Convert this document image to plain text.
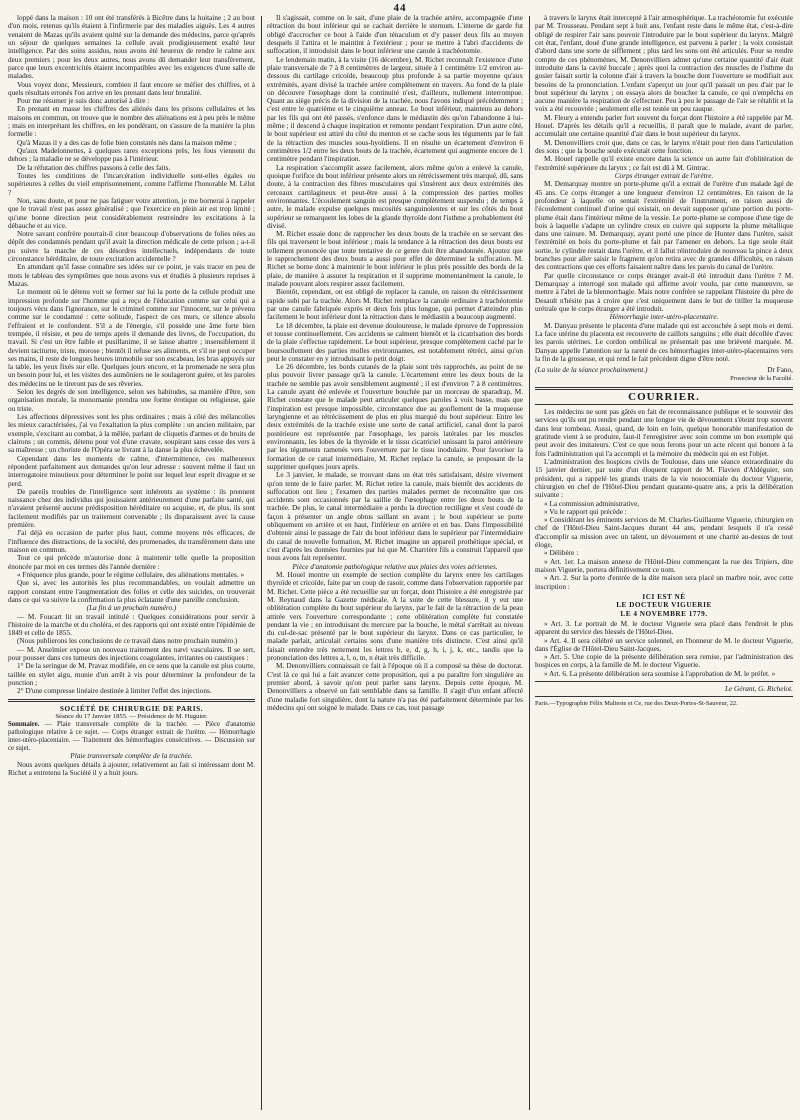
44

loppé dans la maison : 10 ont été transférés à Bicêtre dans la huitaine ; 2 au bout d'un mois, retenus qu'ils étaient à l'infirmerie par des maladies aiguës. Les 4 autres venaient de Mazas qu'ils avaient quitté sur la demande des médecins, parce qu'après un séjour de quelques semaines la cellule avait prodigieusement exalté leur intelligence. Par des soins assidus, nous avons été heureux de rendre le calme aux deux premiers ; pour les deux autres, nous avons dû demander leur transfèrement, parce que leurs excentricités étaient incompatibles avec les exigences d'une salle de malades.

Vous voyez donc, Messieurs, combien il faut encore se méfier des chiffres, et à quels résultats erronés l'on arrive en les prenant dans leur brutalité.

Pour me résumer je suis donc autorisé à dire :

En prenant en masse les chiffres des aliénés dans les prisons cellulaires et les maisons en commun, on trouve que le nombre des aliénations est à peu près le même ; mais en interprétant les chiffres, en les pondérant, on s'assure de la manière la plus formelle :

Qu'à Mazas il y a des cas de folie bien constatés nés dans la maison même ;

Qu'aux Madelonnettes, à quelques rares exceptions près, les fous viennent du dehors ; la maladie ne se développe pas à l'intérieur.

De la réfutation des chiffres passons à celle des faits.

Toutes les conditions de l'incarcération individuelle sont-elles égales ou supérieures à celles du vieil emprisonnement, comme l'affirme l'honorable M. Lélut ?

Non, sans doute, et pour ne pas fatiguer votre attention, je me bornerai à rappeler que le travail n'est pas assez généralisé ; que l'exercice en plein air est trop limité ; qu'une bonne direction peut considérablement restreindre les excitations à la débauche et au vice.

Notre savant confrère pourrait-il citer beaucoup d'observations de folies nées au dépôt des condamnés pendant qu'il avait la direction médicale de cette prison ; a-t-il pu suivre la marche de ces désordres intellectuels, indépendants de toute circonstance héréditaire, de toute excitation accidentelle ?

En attendant qu'il fasse connaître ses idées sur ce point, je vais tracer en peu de mots le tableau des symptômes que nous avons vus et étudiés à plusieurs reprises à Mazas.

Le moment où le détenu voit se fermer sur lui la porte de la cellule produit une impression profonde sur l'homme qui a reçu de l'éducation comme sur celui qui a toujours vécu dans l'ignorance, sur le criminel comme sur l'innocent, sur le prévenu comme sur le condamné : cette solitude, l'aspect de ces murs, ce silence absolu l'effraient et le confondent. S'il a de l'énergie, s'il possède une âme forte bien trempée, il résiste, et peu de temps après il demande des livres, de l'occupation, du travail. Si c'est un être faible et pusillanime, il se laisse abattre ; insensiblement il devient taciturne, triste, morose ; bientôt il refuse ses aliments, et s'il ne peut occuper ses mains, il reste de longues heures immobile sur son escabeau, les bras appuyés sur la table, les yeux fixés sur elle. Quelques jours encore, et la promenade ne sera plus un besoin pour lui, et les visites des aumôniers ne le soulageront guère, et les paroles des médecins ne le tireront pas de ses rêveries.

Selon les degrés de son intelligence, selon ses habitudes, sa manière d'être, son organisation morale, la monomanie prendra une forme érotique ou religieuse, gaie ou triste.

Les affections dépressives sont les plus ordinaires ; mais à côté des mélancolies les mieux caractérisées, j'ai vu l'exaltation la plus complète : un ancien militaire, par exemple, s'excitant au combat, à la mêlée, parlant de cliquetis d'armes et de bruits de clairons ; un commis, détenu pour vol d'une cravate, soupirant sans cesse des vers à sa maîtresse ; un choriste de l'Opéra se livrant à la danse la plus échevelée.

Cependant dans les moments de calme, d'intermittence, ces malheureux répondent parfaitement aux demandes qu'on leur adresse : souvent même il faut un interrogatoire minutieux pour déterminer le point sur lequel leur esprit divague et se perd.

De pareils troubles de l'intelligence sont inhérents au système : ils prennent naissance chez des individus qui jouissaient antérieurement d'une parfaite santé, qui n'avaient présenté aucune prédisposition héréditaire ou acquise, et, de plus, ils sont facilement modifiés par un traitement convenable ; ils disparaissent avec la cause première.

J'ai déjà eu occasion de parler plus haut, comme moyens très efficaces, de l'influence des distractions, de la société, des promenades, du transfèrement dans une maison en commun.

Tout ce qui précède m'autorise donc à maintenir telle quelle la proposition énoncée par moi en ces termes dès l'année dernière :

« Fréquence plus grande, pour le régime cellulaire, des aliénations mentales. »

Que si, avec les autorités les plus recommandables, on voulait admettre un rapport constant entre l'augmentation des folies et celle des suicides, on trouverait dans ce qui va suivre la confirmation la plus éclatante d'une pareille conclusion.

(La fin à un prochain numéro.)

— M. Foucart lit un travail intitulé : Quelques considérations pour servir à l'histoire de la marche et du choléra, et des rapports qui ont existé entre l'épidémie de 1849 et celle de 1855.

(Nous publierons les conclusions de ce travail dans notre prochain numéro.)

— M. Anselmier expose un nouveau traitement des nævi vasculaires. Il se sert, pour pousser dans ces tumeurs des injections coagulantes, irritantes ou caustiques :

1° De la seringue de M. Pravaz modifiée, en ce sens que la canule est plus courte, taillée en stylet aigu, munie d'un arrêt à vis pour déterminer la profondeur de la ponction ;

2° D'une compresse linéaire destinée à limiter l'effet des injections.

SOCIÉTÉ DE CHIRURGIE DE PARIS.

Séance du 17 Janvier 1855. — Présidence de M. Huguier.

Sommaire. — Plaie transversale complète de la trachée. — Pièce d'anatomie pathologique relative à ce sujet. — Corps étranger extrait de l'urètre. — Hémorrhagie inter-utéro-placentaire. — Traitement des hémorrhagies consécutives. — Discussion sur ce sujet.

Plaie transversale complète de la trachée.

Nous avons quelques détails à ajouter, relativement au fait si intéressant dont M. Richet a entretenu la Société il y a huit jours.

Il s'agissait, comme on le sait, d'une plaie de la trachée artère, accompagnée d'une rétraction du bout inférieur qui se cachait derrière le sternum. L'interne de garde fut obligé d'accrocher ce bout à l'aide d'un ténaculum et d'y passer deux fils au moyen desquels il l'attira et le maintint à l'extérieur ; pour se mettre à l'abri d'accidents de suffocation, il introduisit dans le bout inférieur une canule à trachéotomie.

Le lendemain matin, à la visite (16 décembre), M. Richet reconnaît l'existence d'une plaie transversale de 7 à 8 centimètres de largeur, située à 1 centimètre 1/2 environ au-dessous du cartilage cricoïde, beaucoup plus profonde à sa partie moyenne qu'aux extrémités, ayant divisé la trachée artère complètement en travers. Au fond de la plaie on découvre l'œsophage dont la continuité n'est, d'ailleurs, nullement interrompue. Quant au siège précis de la division de la trachée, nous l'avons indiqué précédemment ; c'est entre le quatrième et le cinquième anneau. Le bout inférieur, maintenu au dehors par les fils qui ont été passés, s'enfonce dans le médiastin dès qu'on l'abandonne à lui-même ; il descend à chaque inspiration et remonte pendant l'expiration. D'un autre côté, le bout supérieur est attiré du côté du menton et se cache sous les téguments par le fait de la rétraction des muscles sous-hyoïdiens. Il en résulte un écartement d'environ 6 centimètres 1/2 entre les deux bouts de la trachée, écartement qui augmente encore de 1 centimètre pendant l'inspiration.

La respiration s'accomplit assez facilement, alors même qu'on a enlevé la canule, quoique l'orifice du bout inférieur présente alors un rétrécissement très marqué, dû, sans doute, à la contraction des fibres musculaires qui s'insèrent aux deux extrémités des cerceaux cartilagineux et peut-être aussi à la compression des parties molles environnantes. L'écoulement sanguin est presque complètement suspendu ; de temps à autre, le malade expulse quelques mucosités sanguinolentes et sur les côtés du bout supérieur se remarquent les lobes de la glande thyroïde dont l'isthme a probablement été divisé.

M. Richet essaie donc de rapprocher les deux bouts de la trachée en se servant des fils qui traversent le bout inférieur ; mais la tendance à la rétraction des deux bouts est tellement prononcée que toute tentative de ce genre doit être abandonnée. Ajoutez que le rapprochement des deux bouts a aussi pour effet de déterminer la suffocation. M. Richet se borne donc à maintenir le bout inférieur le plus près possible des bords de la plaie, de manière à assurer la respiration et il supprime momentanément la canule, le malade pouvant alors respirer assez facilement.

Bientôt, cependant, on est obligé de replacer la canule, en raison du rétrécissement rapide subi par la trachée. Alors M. Richet remplace la canule ordinaire à trachéotomie par une canule fabriquée exprès et deux fois plus longue, qui permet d'atteindre plus facilement le bout inférieur dont la rétraction dans le médiastin a beaucoup augmenté.

Le 18 décembre, la plaie est devenue douloureuse, le malade éprouve de l'oppression et tousse continuellement. Ces accidents se calment bientôt et la cicatrisation des bords de la plaie s'effectue rapidement. Le bout supérieur, presque complètement caché par le boursouflement des parties molles environnantes, est notablement rétréci, ainsi qu'on peut le constater en y introduisant le petit doigt.

Le 26 décembre, les bords cutanés de la plaie sont très rapprochés, au point de ne plus pouvoir livrer passage qu'à la canule. L'écartement entre les deux bouts de la trachée ne semble pas avoir sensiblement augmenté ; il est d'environ 7 à 8 centimètres. La canule ayant été enlevée et l'ouverture bouchée par un morceau de sparadrap, M. Richet constate que le malade peut articuler quelques paroles à voix basse, mais que l'inspiration est presque impossible, circonstance due au gonflement de la muqueuse laryngienne et au rétrécissement de plus en plus marqué du bout supérieur. Entre les deux extrémités de la trachée existe une sorte de canal artificiel, canal dont la paroi postérieure est représentée par l'œsophage, les parois latérales par les muscles environnants, les lobes de la thyroïde et le tissu cicatriciel unissant la paroi antérieure par les téguments ramenés vers l'ouverture par le tissu inodulaire. Pour favoriser la formation de ce canal intermédiaire, M. Richet replace la canule, se proposant de la supprimer quelques jours après.

Le 3 janvier, le malade, se trouvant dans un état très satisfaisant, désire vivement qu'on tente de le faire parler. M. Richet retire la canule, mais bientôt des accidents de suffocation ont lieu ; l'examen des parties malades permet de reconnaître que ces accidents sont occasionnés par la saillie de l'œsophage entre les deux bouts de la trachée. De plus, le canal intermédiaire a perdu la direction rectiligne et s'est coudé de façon à présenter un angle obtus saillant en avant ; le bout supérieur se porte obliquement en arrière et en haut, l'inférieur en arrière et en bas. Dans l'impossibilité d'obtenir ainsi le passage de l'air du bout inférieur dans le supérieur par l'intermédiaire du canal de nouvelle formation, M. Richet imagine un appareil prothétique spécial, et c'est d'après les données fournies par lui que M. Charrière fils a construit l'appareil que nous avons fait représenter.

Pièce d'anatomie pathologique relative aux plaies des voies aériennes.

M. Houel montre un exemple de section complète du larynx entre les cartilages thyroïde et cricoïde, faite par un coup de rasoir, comme dans l'observation rapportée par M. Richet. Cette pièce a été recueillie sur un forçat, dont l'histoire a été enregistrée par M. Reynaud dans la Gazette médicale. A la suite de cette blessure, il y eut une oblitération complète du bout supérieur du larynx, par le fait de la rétraction de la peau attirée vers l'ouverture correspondante ; cette oblitération complète fut constatée pendant la vie ; en introduisant du mercure par la bouche, le métal s'arrêtait au niveau du cul-de-sac présenté par le bout supérieur du larynx. Dans ce cas particulier, le malade parlait, articulait certains sons d'une manière très distincte. C'est ainsi qu'il faisait entendre très nettement les lettres b, e, d, g, h, i, j, k, etc., tandis que la prononciation des lettres a, l, o, m, n était très difficile.

M. Denonvilliers connaissait ce fait à l'époque où il a composé sa thèse de doctorat. C'est là ce qui lui a fait avancer cette proposition, qui a pu paraître fort singulière au premier abord, à savoir qu'on peut parler sans larynx. Depuis cette époque, M. Denonvilliers a observé un fait semblable dans sa famille. Il s'agit d'un enfant affecté d'une maladie fort singulière, dont la nature n'a pas été parfaitement déterminée par les médecins qui ont soigné le malade. Dans ce cas, tout passage

à travers le larynx était intercepté à l'air atmosphérique. La trachéotomie fut exécutée par M. Trousseau. Pendant sept à huit ans, l'enfant reste dans le même état, c'est-à-dire obligé de respirer l'air sans pouvoir l'introduire par le bout supérieur du larynx. Malgré cet état, l'enfant, doué d'une grande intelligence, est parvenu à parler ; la voix consistait d'abord dans une sorte de sifflement ; plus tard les sons ont été articulés. Pour se rendre compte de ces phénomènes, M. Denonvilliers admet qu'une certaine quantité d'air était introduite dans la cavité buccale ; après quoi la contraction des muscles de l'isthme du gosier faisait sortir la colonne d'air à travers la bouche dont l'ouverture se modifiait aux besoins de la prononciation. L'enfant s'aperçut un jour qu'il passait un peu d'air par le bout supérieur du larynx ; on essaya alors de boucher la canule, ce qui n'empêcha en aucune manière la respiration de s'effectuer. Peu à peu le passage de l'air se rétablit et la voix a été recouvrée ; seulement elle est restée un peu rauque.

M. Fleury a entendu parler fort souvent du forçat dont l'histoire a été rappelée par M. Houel. D'après les détails qu'il a recueillis, il paraît que le malade, avant de parler, accumulait une certaine quantité d'air dans le bout supérieur du larynx.

M. Denonvilliers croit que, dans ce cas, le larynx n'était pour rien dans l'articulation des sons ; que la bouche seule exécutait cette fonction.

M. Houel rappelle qu'il existe encore dans la science un autre fait d'oblitération de l'extrémité supérieure du larynx ; ce fait est dû à M. Gintrac.

Corps étranger extrait de l'urètre.

M. Demarquay montre un porte-plume qu'il a extrait de l'urètre d'un malade âgé de 45 ans. Ce corps étranger a une longueur d'environ 12 centimètres. En raison de la profondeur à laquelle on sentait l'extrémité de l'instrument, en raison aussi de l'écoulement continuel d'urine qui existait, on devait supposer qu'une portion du porte-plume était dans l'intérieur même de la vessie. Le porte-plume se compose d'une tige de bois à laquelle s'adapte un cylindre creux en cuivre qui supporte la plume métallique dans une rainure. M. Demarquay, ayant porté une pince de Hunter dans l'urètre, saisit l'extrémité en bois du porte-plume et fait par l'amener en dehors. La tige seule était sortie, le cylindre restait dans l'urètre, et il fallut réintroduire de nouveau la pince à deux branches pour aller saisir le fragment qu'on retira avec de grandes difficultés, en raison des contractions que ces efforts faisaient naître dans les parois du canal de l'urètre.

Par quelle circonstance ce corps étranger avait-il été introduit dans l'urètre ? M. Demarquay a interrogé son malade qui affirme avoir voulu, par cette manœuvre, se mettre à l'abri de la blennorrhagie. Mais notre confrère se rappelant l'histoire du père de Desault n'hésite pas à croire que c'est uniquement dans le but de titiller la muqueuse urétrale que le corps étranger a été introduit.

Hémorrhagie inter-utéro-placentaire.

M. Danyau présente le placenta d'une malade qui est accouchée à sept mois et demi. La face utérine du placenta est recouverte de caillots sanguins ; elle était décollée d'avec les parois utérines. Le cordon ombilical ne présentait pas une brièveté marquée. M. Danyau appelle l'attention sur la rareté de ces hémorrhagies inter-utéro-placentaires vers la fin de la grossesse, et qui rend le fait précédent digne d'être noté.

(La suite de la séance prochainement.)	Dr Fano,
Prosecteur de la Faculté.

COURRIER.

Les médecins ne sont pas gâtés en fait de reconnaissance publique et le souvenir des services qu'ils ont pu rendre pendant une longue vie de dévouement s'éteint trop souvent dans leur tombeau. Aussi, quand, de loin en loin, quelque honorable manifestation de gratitude vient à se produire, faut-il l'enregistrer avec soin comme un bon exemple qui peut avoir des imitateurs. C'est ce que nous ferons pour un acte récent qui honore à la fois l'administration qui l'a accompli et la mémoire du médecin qui en est l'objet.

L'administration des hospices civils de Toulouse, dans une séance extraordinaire du 15 janvier dernier, par suite d'un éloquent rapport de M. Flavien d'Aldéguier, son président, qui a rappelé les grands traits de la vie nosocomiale du docteur Viguerie, chirurgien en chef de l'Hôtel-Dieu pendant quarante-quatre ans, a pris la délibération suivante :

« La commission administrative,

» Vu le rapport qui précède :

» Considérant les éminents services de M. Charles-Guillaume Viguerie, chirurgien en chef de l'Hôtel-Dieu Saint-Jacques durant 44 ans, pendant lesquels il n'a cessé d'accomplir sa mission avec un talent, un dévouement et une charité au-dessus de tout éloge,

» Délibère :

» Art. 1er. La maison annexe de l'Hôtel-Dieu commençant la rue des Tripiers, dite maison Viguerie, portera définitivement ce nom.

» Art. 2. Sur la porte d'entrée de la dite maison sera placé un marbre noir, avec cette inscription :

ICI EST NÉ

LE DOCTEUR VIGUERIE

LE 4 NOVEMBRE 1779.

» Art. 3. Le portrait de M. le docteur Viguerie sera placé dans l'endroit le plus apparent du service des blessés de l'Hôtel-Dieu.

» Art. 4. Il sera célébré un service solennel, en l'honneur de M. le docteur Viguerie, dans l'Église de l'Hôtel-Dieu Saint-Jacques.

» Art. 5. Une copie de la présente délibération sera remise, par l'administration des hospices en corps, à la famille de M. le docteur Viguerie.

» Art. 6. La présente délibération sera soumise à l'approbation de M. le préfet. »

Le Gérant, G. Richelot.

Paris.—Typographie Félix Malteste et Ce, rue des Deux-Portes-St-Sauveur, 22.
